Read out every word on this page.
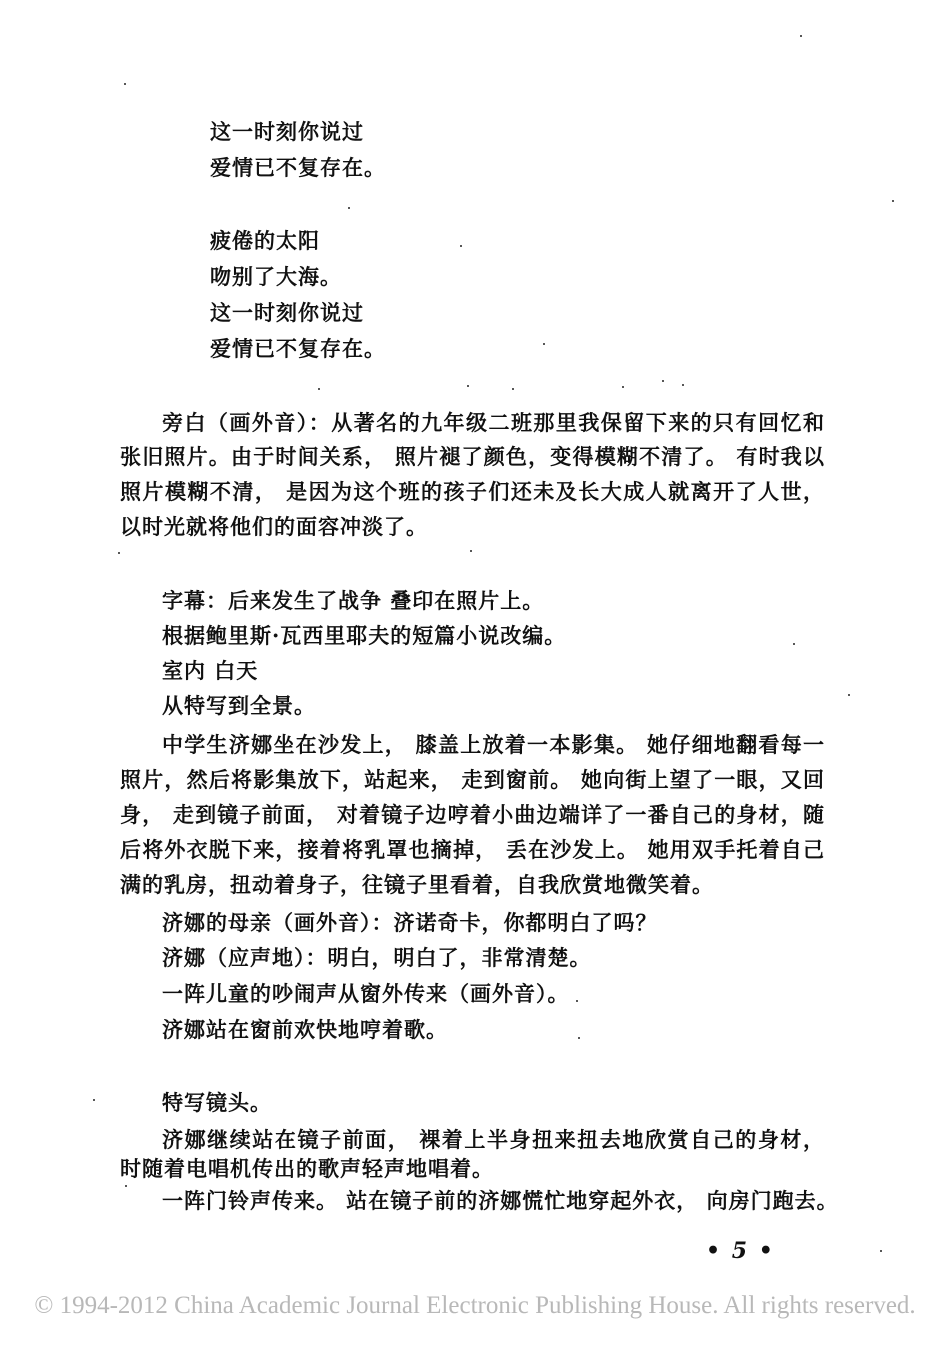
这一时刻你说过
爱情已不复存在。
疲倦的太阳
吻别了大海。
这一时刻你说过
爱情已不复存在。
旁白（画外音）：从著名的九年级二班那里我保留下来的只有回忆和
张旧照片。由于时间关系， 照片褪了颜色，变得模糊不清了。 有时我以
照片模糊不清， 是因为这个班的孩子们还未及长大成人就离开了人世，
以时光就将他们的面容冲淡了。
字幕：后来发生了战争 叠印在照片上。
根据鲍里斯·瓦西里耶夫的短篇小说改编。
室内 白天
从特写到全景。
中学生济娜坐在沙发上， 膝盖上放着一本影集。 她仔细地翻看每一
照片，然后将影集放下，站起来， 走到窗前。 她向街上望了一眼，又回
身， 走到镜子前面， 对着镜子边哼着小曲边端详了一番自己的身材，随
后将外衣脱下来，接着将乳罩也摘掉， 丢在沙发上。 她用双手托着自己
满的乳房，扭动着身子，往镜子里看着，自我欣赏地微笑着。
济娜的母亲（画外音）：济诺奇卡，你都明白了吗？
济娜（应声地）：明白，明白了，非常清楚。
一阵儿童的吵闹声从窗外传来（画外音）。
济娜站在窗前欢快地哼着歌。
特写镜头。
济娜继续站在镜子前面， 裸着上半身扭来扭去地欣赏自己的身材，
时随着电唱机传出的歌声轻声地唱着。
一阵门铃声传来。 站在镜子前的济娜慌忙地穿起外衣， 向房门跑去。
• 5 •
© 1994-2012 China Academic Journal Electronic Publishing House. All rights reserved.
